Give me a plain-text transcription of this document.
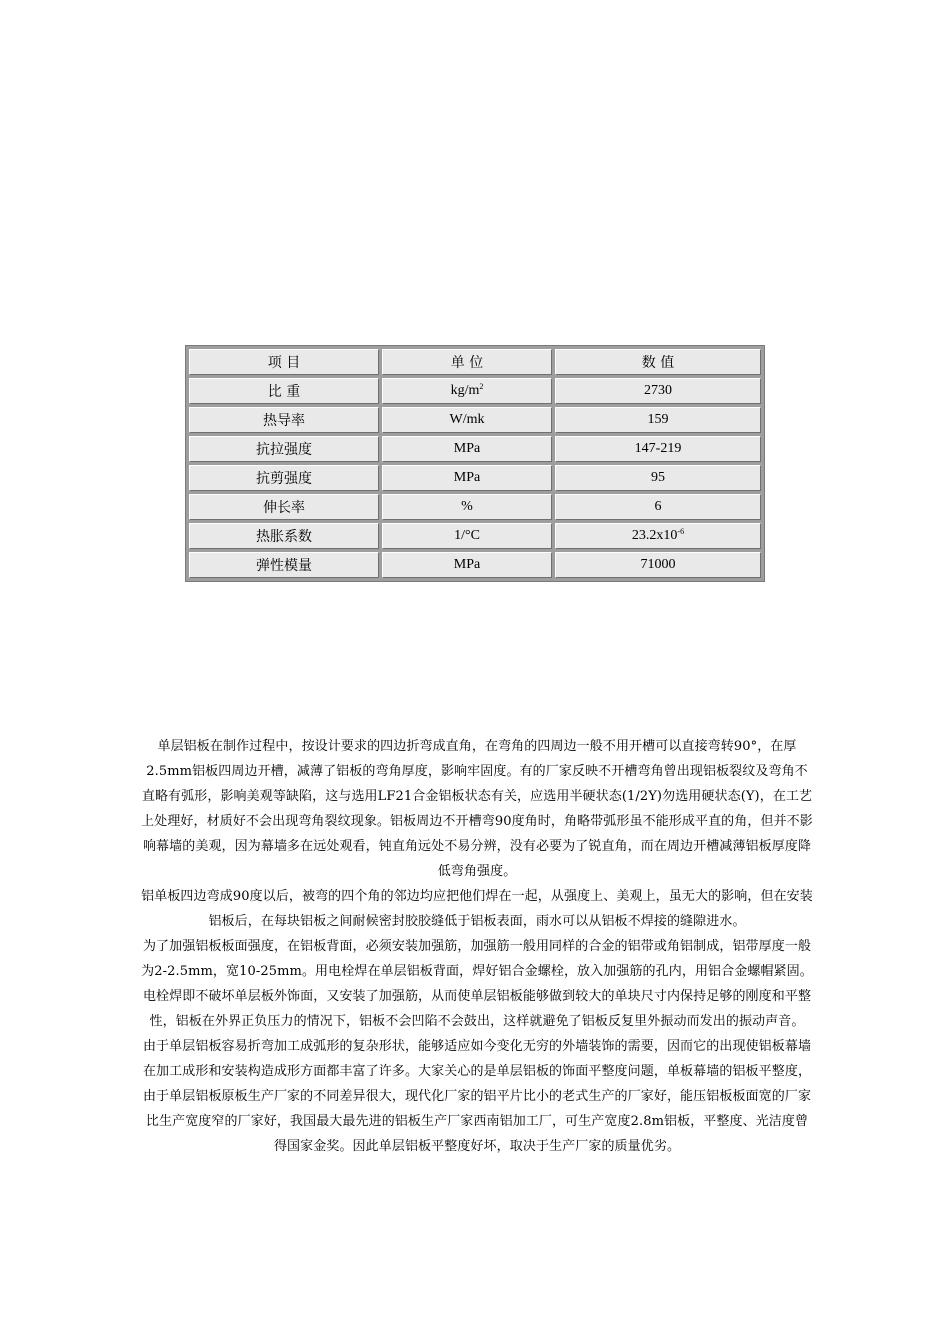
项 目	单 位	数 值
比 重	$kg/m^2$	2730
热导率	W/mk	159
抗拉强度	MPa	147-219
抗剪强度	MPa	95
伸长率	%	6
热胀系数	1/°C	$23.2x10^{-6}$
弹性模量	MPa	71000

单层铝板在制作过程中，按设计要求的四边折弯成直角，在弯角的四周边一般不用开槽可以直接弯转90°，在厚2.5mm铝板四周边开槽，减薄了铝板的弯角厚度，影响牢固度。有的厂家反映不开槽弯角曾出现铝板裂纹及弯角不直略有弧形，影响美观等缺陷，这与选用LF21合金铝板状态有关，应选用半硬状态(1/2Y)勿选用硬状态(Y)，在工艺上处理好，材质好不会出现弯角裂纹现象。铝板周边不开槽弯90度角时，角略带弧形虽不能形成平直的角，但并不影响幕墙的美观，因为幕墙多在远处观看，钝直角远处不易分辨，没有必要为了锐直角，而在周边开槽减薄铝板厚度降低弯角强度。

铝单板四边弯成90度以后，被弯的四个角的邻边均应把他们焊在一起，从强度上、美观上，虽无大的影响，但在安装铝板后，在每块铝板之间耐候密封胶胶缝低于铝板表面，雨水可以从铝板不焊接的缝隙进水。

为了加强铝板板面强度，在铝板背面，必须安装加强筋，加强筋一般用同样的合金的铝带或角铝制成，铝带厚度一般为2-2.5mm，宽10-25mm。用电栓焊在单层铝板背面，焊好铝合金螺栓，放入加强筋的孔内，用铝合金螺帽紧固。电栓焊即不破坏单层板外饰面，又安装了加强筋，从而使单层铝板能够做到较大的单块尺寸内保持足够的刚度和平整性，铝板在外界正负压力的情况下，铝板不会凹陷不会鼓出，这样就避免了铝板反复里外振动而发出的振动声音。

由于单层铝板容易折弯加工成弧形的复杂形状，能够适应如今变化无穷的外墙装饰的需要，因而它的出现使铝板幕墙在加工成形和安装构造成形方面都丰富了许多。大家关心的是单层铝板的饰面平整度问题，单板幕墙的铝板平整度，由于单层铝板原板生产厂家的不同差异很大，现代化厂家的铝平片比小的老式生产的厂家好，能压铝板板面宽的厂家比生产宽度窄的厂家好，我国最大最先进的铝板生产厂家西南铝加工厂，可生产宽度2.8m铝板，平整度、光洁度曾得国家金奖。因此单层铝板平整度好坏，取决于生产厂家的质量优劣。
